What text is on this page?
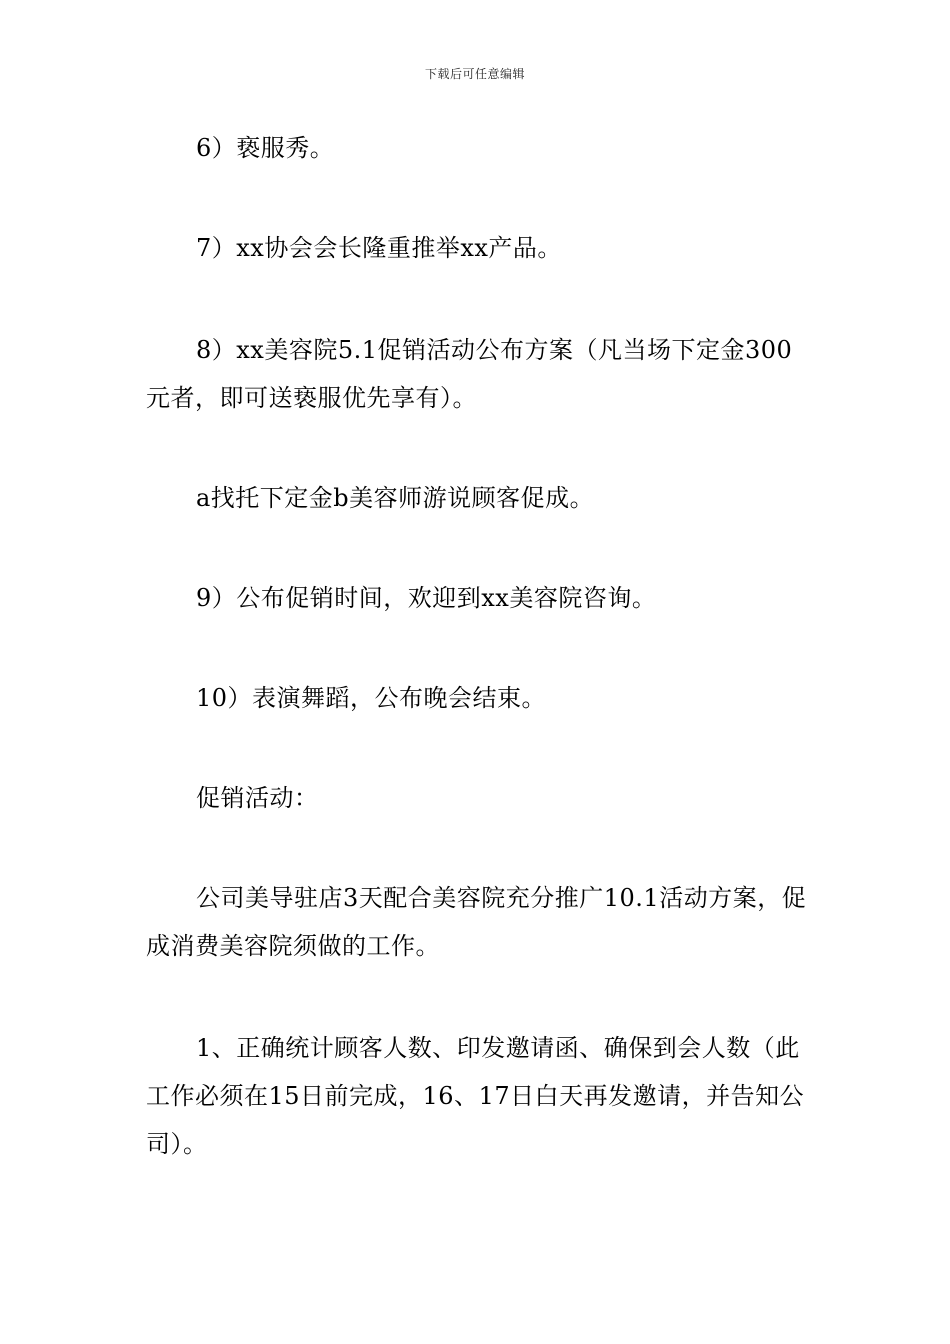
下载后可任意编辑
6）亵服秀。
7）xx协会会长隆重推举xx产品。
8）xx美容院5.1促销活动公布方案（凡当场下定金300元者，即可送亵服优先享有）。
a找托下定金b美容师游说顾客促成。
9）公布促销时间，欢迎到xx美容院咨询。
10）表演舞蹈，公布晚会结束。
促销活动：
公司美导驻店3天配合美容院充分推广10.1活动方案，促成消费美容院须做的工作。
1、正确统计顾客人数、印发邀请函、确保到会人数（此工作必须在15日前完成，16、17日白天再发邀请，并告知公司）。
